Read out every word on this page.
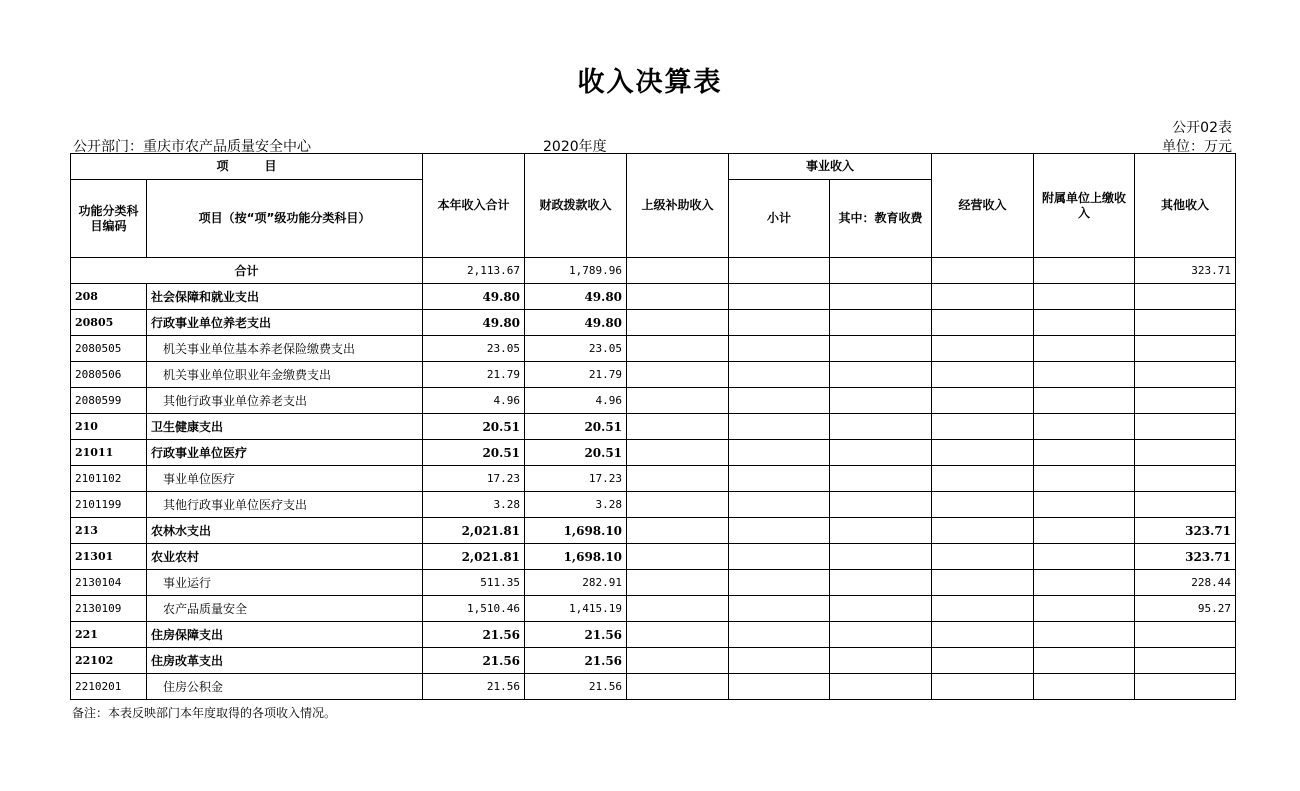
收入决算表
公开02表
公开部门：重庆市农产品质量安全中心	2020年度	单位：万元
项　　　目		本年收入合计	财政拨款收入	上级补助收入	事业收入		经营收入	附属单位上缴收入	其他收入
功能分类科目编码	项目（按“项”级功能分类科目）				小计	其中：教育收费			

合计		2,113.67	1,789.96						323.71
208	社会保障和就业支出	49.80	49.80						
20805	行政事业单位养老支出	49.80	49.80						
2080505	机关事业单位基本养老保险缴费支出	23.05	23.05						
2080506	机关事业单位职业年金缴费支出	21.79	21.79						
2080599	其他行政事业单位养老支出	4.96	4.96						
210	卫生健康支出	20.51	20.51						
21011	行政事业单位医疗	20.51	20.51						
2101102	事业单位医疗	17.23	17.23						
2101199	其他行政事业单位医疗支出	3.28	3.28						
213	农林水支出	2,021.81	1,698.10						323.71
21301	农业农村	2,021.81	1,698.10						323.71
2130104	事业运行	511.35	282.91						228.44
2130109	农产品质量安全	1,510.46	1,415.19						95.27
221	住房保障支出	21.56	21.56						
22102	住房改革支出	21.56	21.56						
2210201	住房公积金	21.56	21.56						
备注：本表反映部门本年度取得的各项收入情况。
